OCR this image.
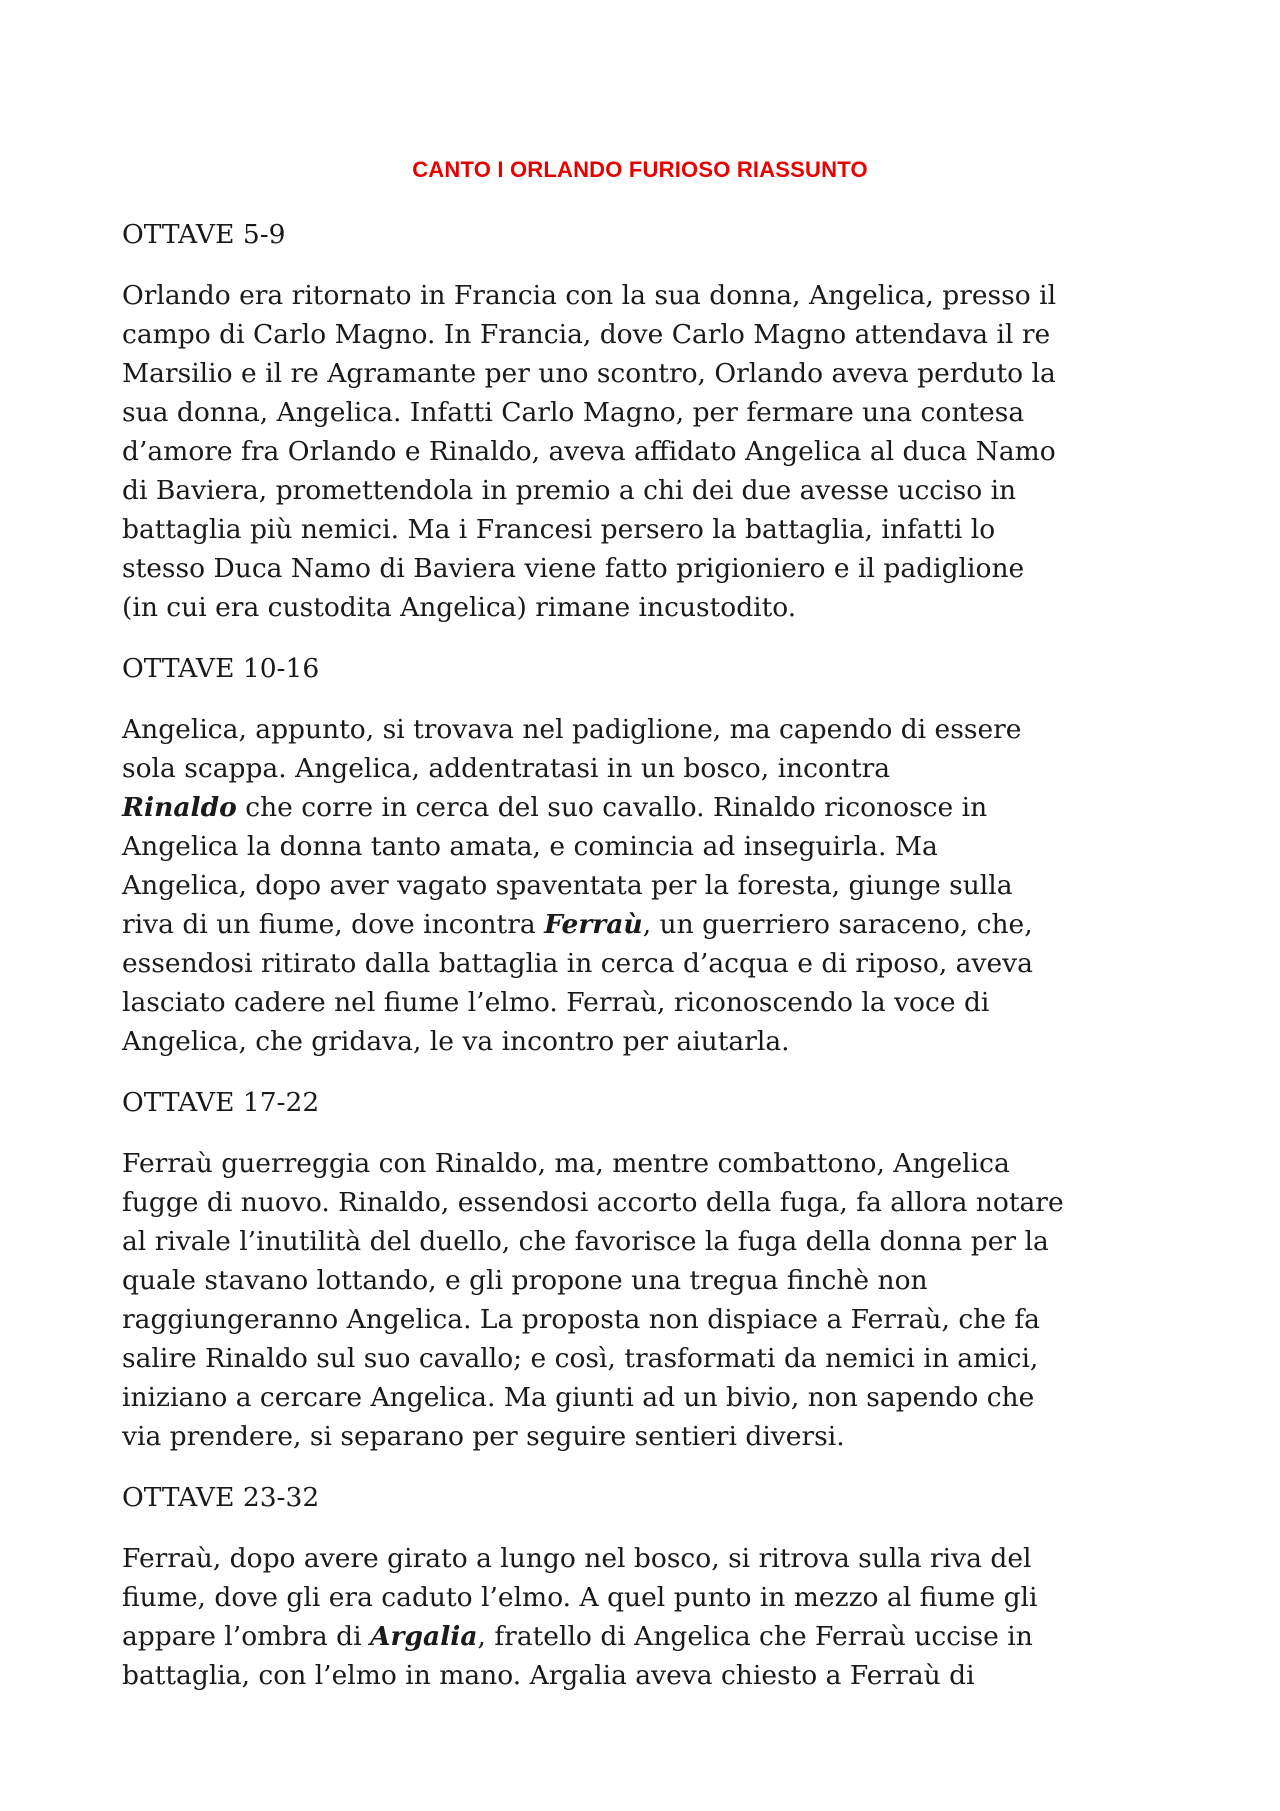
CANTO I ORLANDO FURIOSO RIASSUNTO
OTTAVE 5-9
Orlando era ritornato in Francia con la sua donna, Angelica, presso il
campo di Carlo Magno. In Francia, dove Carlo Magno attendava il re
Marsilio e il re Agramante per uno scontro, Orlando aveva perduto la
sua donna, Angelica. Infatti Carlo Magno, per fermare una contesa
d’amore fra Orlando e Rinaldo, aveva affidato Angelica al duca Namo
di Baviera, promettendola in premio a chi dei due avesse ucciso in
battaglia più nemici. Ma i Francesi persero la battaglia, infatti lo
stesso Duca Namo di Baviera viene fatto prigioniero e il padiglione
(in cui era custodita Angelica) rimane incustodito.
OTTAVE 10-16
Angelica, appunto, si trovava nel padiglione, ma capendo di essere
sola scappa. Angelica, addentratasi in un bosco, incontra
Rinaldo che corre in cerca del suo cavallo. Rinaldo riconosce in
Angelica la donna tanto amata, e comincia ad inseguirla. Ma
Angelica, dopo aver vagato spaventata per la foresta, giunge sulla
riva di un fiume, dove incontra Ferraù, un guerriero saraceno, che,
essendosi ritirato dalla battaglia in cerca d’acqua e di riposo, aveva
lasciato cadere nel fiume l’elmo. Ferraù, riconoscendo la voce di
Angelica, che gridava, le va incontro per aiutarla.
OTTAVE 17-22
Ferraù guerreggia con Rinaldo, ma, mentre combattono, Angelica
fugge di nuovo. Rinaldo, essendosi accorto della fuga, fa allora notare
al rivale l’inutilità del duello, che favorisce la fuga della donna per la
quale stavano lottando, e gli propone una tregua finchè non
raggiungeranno Angelica. La proposta non dispiace a Ferraù, che fa
salire Rinaldo sul suo cavallo; e così, trasformati da nemici in amici,
iniziano a cercare Angelica. Ma giunti ad un bivio, non sapendo che
via prendere, si separano per seguire sentieri diversi.
OTTAVE 23-32
Ferraù, dopo avere girato a lungo nel bosco, si ritrova sulla riva del
fiume, dove gli era caduto l’elmo. A quel punto in mezzo al fiume gli
appare l’ombra di Argalia, fratello di Angelica che Ferraù uccise in
battaglia, con l’elmo in mano. Argalia aveva chiesto a Ferraù di
